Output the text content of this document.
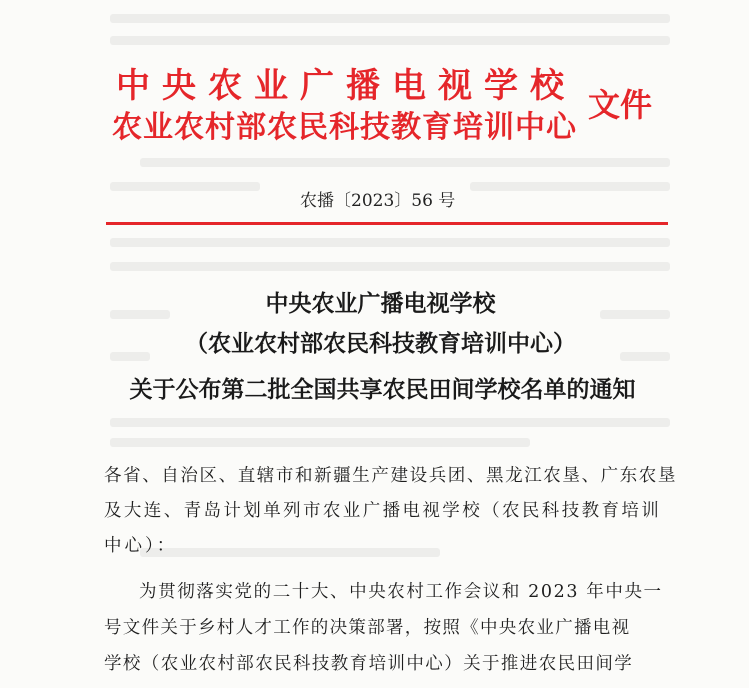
中央农业广播电视学校
农业农村部农民科技教育培训中心
文件
农播〔2023〕56 号
中央农业广播电视学校
（农业农村部农民科技教育培训中心）
关于公布第二批全国共享农民田间学校名单的通知
各省、自治区、直辖市和新疆生产建设兵团、黑龙江农垦、广东农垦
及大连、青岛计划单列市农业广播电视学校（农民科技教育培训
中心）：
为贯彻落实党的二十大、中央农村工作会议和 2023 年中央一
号文件关于乡村人才工作的决策部署，按照《中央农业广播电视
学校（农业农村部农民科技教育培训中心）关于推进农民田间学
